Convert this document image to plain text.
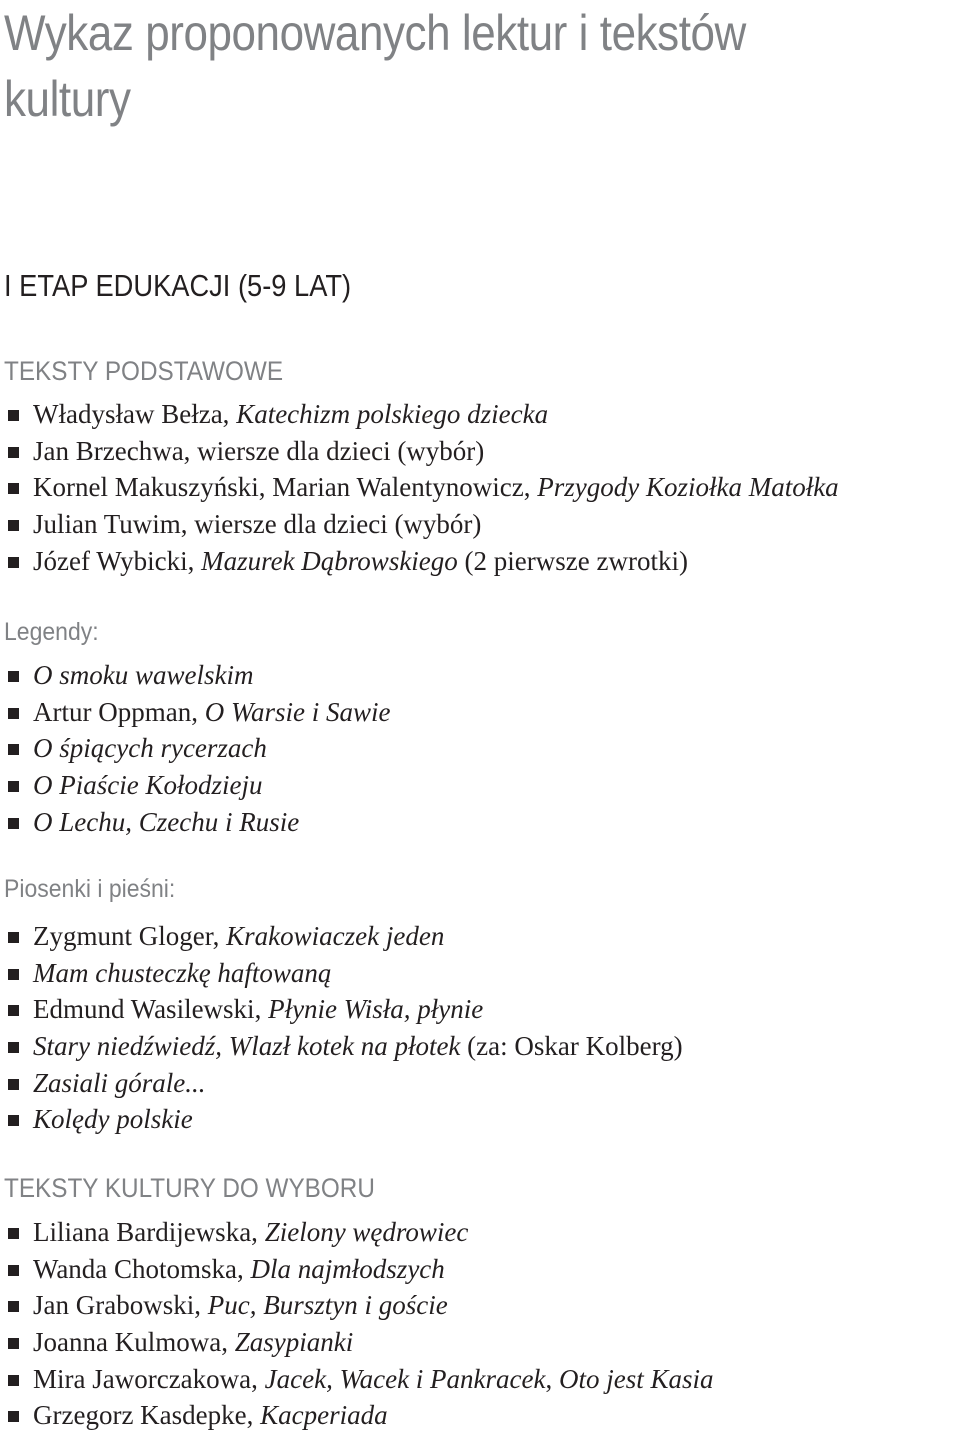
Wykaz proponowanych lektur i tekstów
kultury
I ETAP EDUKACJI (5-9 LAT)
TEKSTY PODSTAWOWE
Władysław Bełza, Katechizm polskiego dziecka
Jan Brzechwa, wiersze dla dzieci (wybór)
Kornel Makuszyński, Marian Walentynowicz, Przygody Koziołka Matołka
Julian Tuwim, wiersze dla dzieci (wybór)
Józef Wybicki, Mazurek Dąbrowskiego (2 pierwsze zwrotki)
Legendy:
O smoku wawelskim
Artur Oppman, O Warsie i Sawie
O śpiących rycerzach
O Piaście Kołodzieju
O Lechu, Czechu i Rusie
Piosenki i pieśni:
Zygmunt Gloger, Krakowiaczek jeden
Mam chusteczkę haftowaną
Edmund Wasilewski, Płynie Wisła, płynie
Stary niedźwiedź, Wlazł kotek na płotek (za: Oskar Kolberg)
Zasiali górale...
Kolędy polskie
TEKSTY KULTURY DO WYBORU
Liliana Bardijewska, Zielony wędrowiec
Wanda Chotomska, Dla najmłodszych
Jan Grabowski, Puc, Bursztyn i goście
Joanna Kulmowa, Zasypianki
Mira Jaworczakowa, Jacek, Wacek i Pankracek, Oto jest Kasia
Grzegorz Kasdepke, Kacperiada
